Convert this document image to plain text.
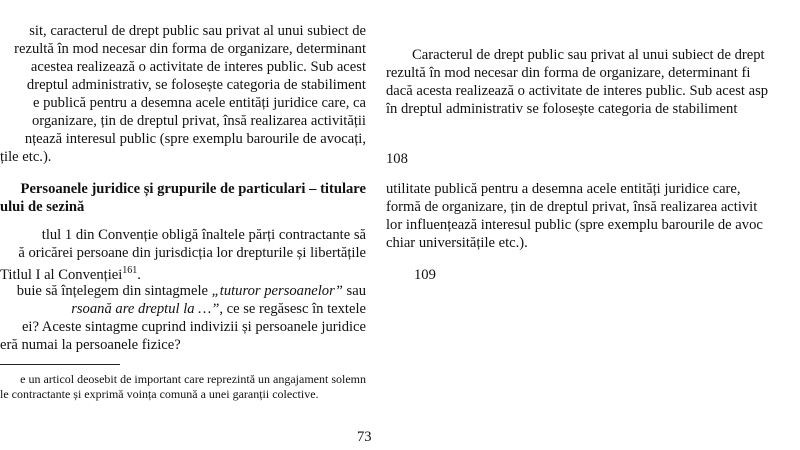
sit, caracterul de drept public sau privat al unui subiect de
rezultă în mod necesar din forma de organizare, determinant
acestea realizează o activitate de interes public. Sub acest
dreptul administrativ, se folosește categoria de stabiliment
e publică pentru a desemna acele entități juridice care, ca
organizare, țin de dreptul privat, însă realizarea activității
nțează interesul public (spre exemplu barourile de avocați,
țile etc.).
Persoanele juridice și grupurile de particulari – titulare
ului de sezină
tlul 1 din Convenție obligă înaltele părți contractante să
ă oricărei persoane din jurisdicția lor drepturile și libertățile
Titlul I al Convenției$^{161}$.
buie să înțelegem din sintagmele „tuturor persoanelor” sau
rsoană are dreptul la …”, ce se regăsesc în textele
ei? Aceste sintagme cuprind indivizii și persoanele juridice
eră numai la persoanele fizice?
e un articol deosebit de important care reprezintă un angajament solemn
le contractante și exprimă voința comună a unei garanții colective.
73
Caracterul de drept public sau privat al unui subiect de drept
rezultă în mod necesar din forma de organizare, determinant fi
dacă acesta realizează o activitate de interes public. Sub acest asp
în dreptul administrativ se folosește categoria de stabiliment
108
utilitate publică pentru a desemna acele entități juridice care,
formă de organizare, țin de dreptul privat, însă realizarea activit
lor influențează interesul public (spre exemplu barourile de avoc
chiar universitățile etc.).
109
